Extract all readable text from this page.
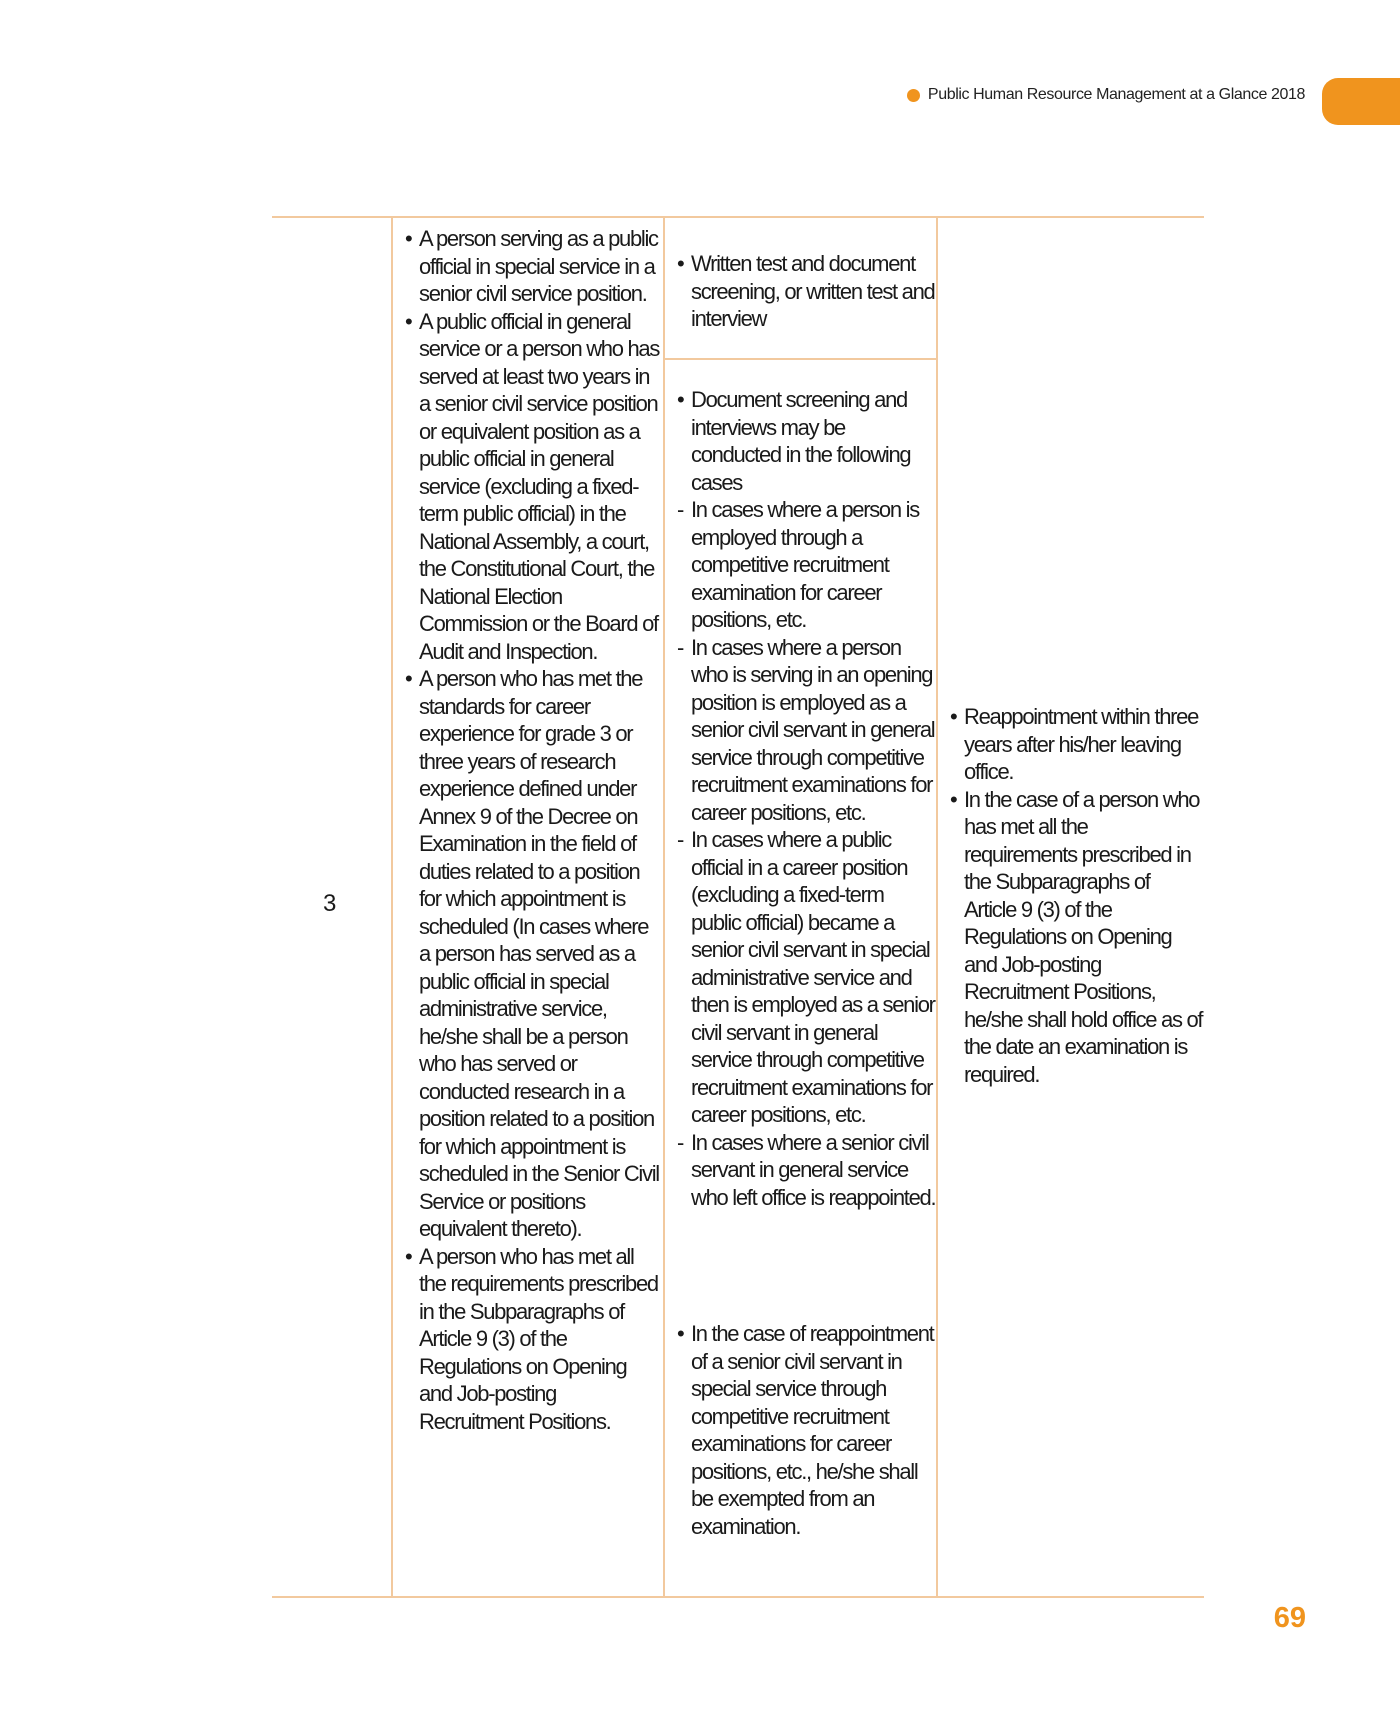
Public Human Resource Management at a Glance 2018
3
• A person serving as a public official in special service in a senior civil service position.
• A public official in general service or a person who has served at least two years in a senior civil service position or equivalent position as a public official in general service (excluding a fixed-term public official) in the National Assembly, a court, the Constitutional Court, the National Election Commission or the Board of Audit and Inspection.
• A person who has met the standards for career experience for grade 3 or three years of research experience defined under Annex 9 of the Decree on Examination in the field of duties related to a position for which appointment is scheduled (In cases where a person has served as a public official in special administrative service, he/she shall be a person who has served or conducted research in a position related to a position for which appointment is scheduled in the Senior Civil Service or positions equivalent thereto).
• A person who has met all the requirements prescribed in the Subparagraphs of Article 9 (3) of the Regulations on Opening and Job-posting Recruitment Positions.
• Written test and document screening, or written test and interview
• Document screening and interviews may be conducted in the following cases
- In cases where a person is employed through a competitive recruitment examination for career positions, etc.
- In cases where a person who is serving in an opening position is employed as a senior civil servant in general service through competitive recruitment examinations for career positions, etc.
- In cases where a public official in a career position (excluding a fixed-term public official) became a senior civil servant in special administrative service and then is employed as a senior civil servant in general service through competitive recruitment examinations for career positions, etc.
- In cases where a senior civil servant in general service who left office is reappointed.
• In the case of reappointment of a senior civil servant in special service through competitive recruitment examinations for career positions, etc., he/she shall be exempted from an examination.
• Reappointment within three years after his/her leaving office.
• In the case of a person who has met all the requirements prescribed in the Subparagraphs of Article 9 (3) of the Regulations on Opening and Job-posting Recruitment Positions, he/she shall hold office as of the date an examination is required.
69
